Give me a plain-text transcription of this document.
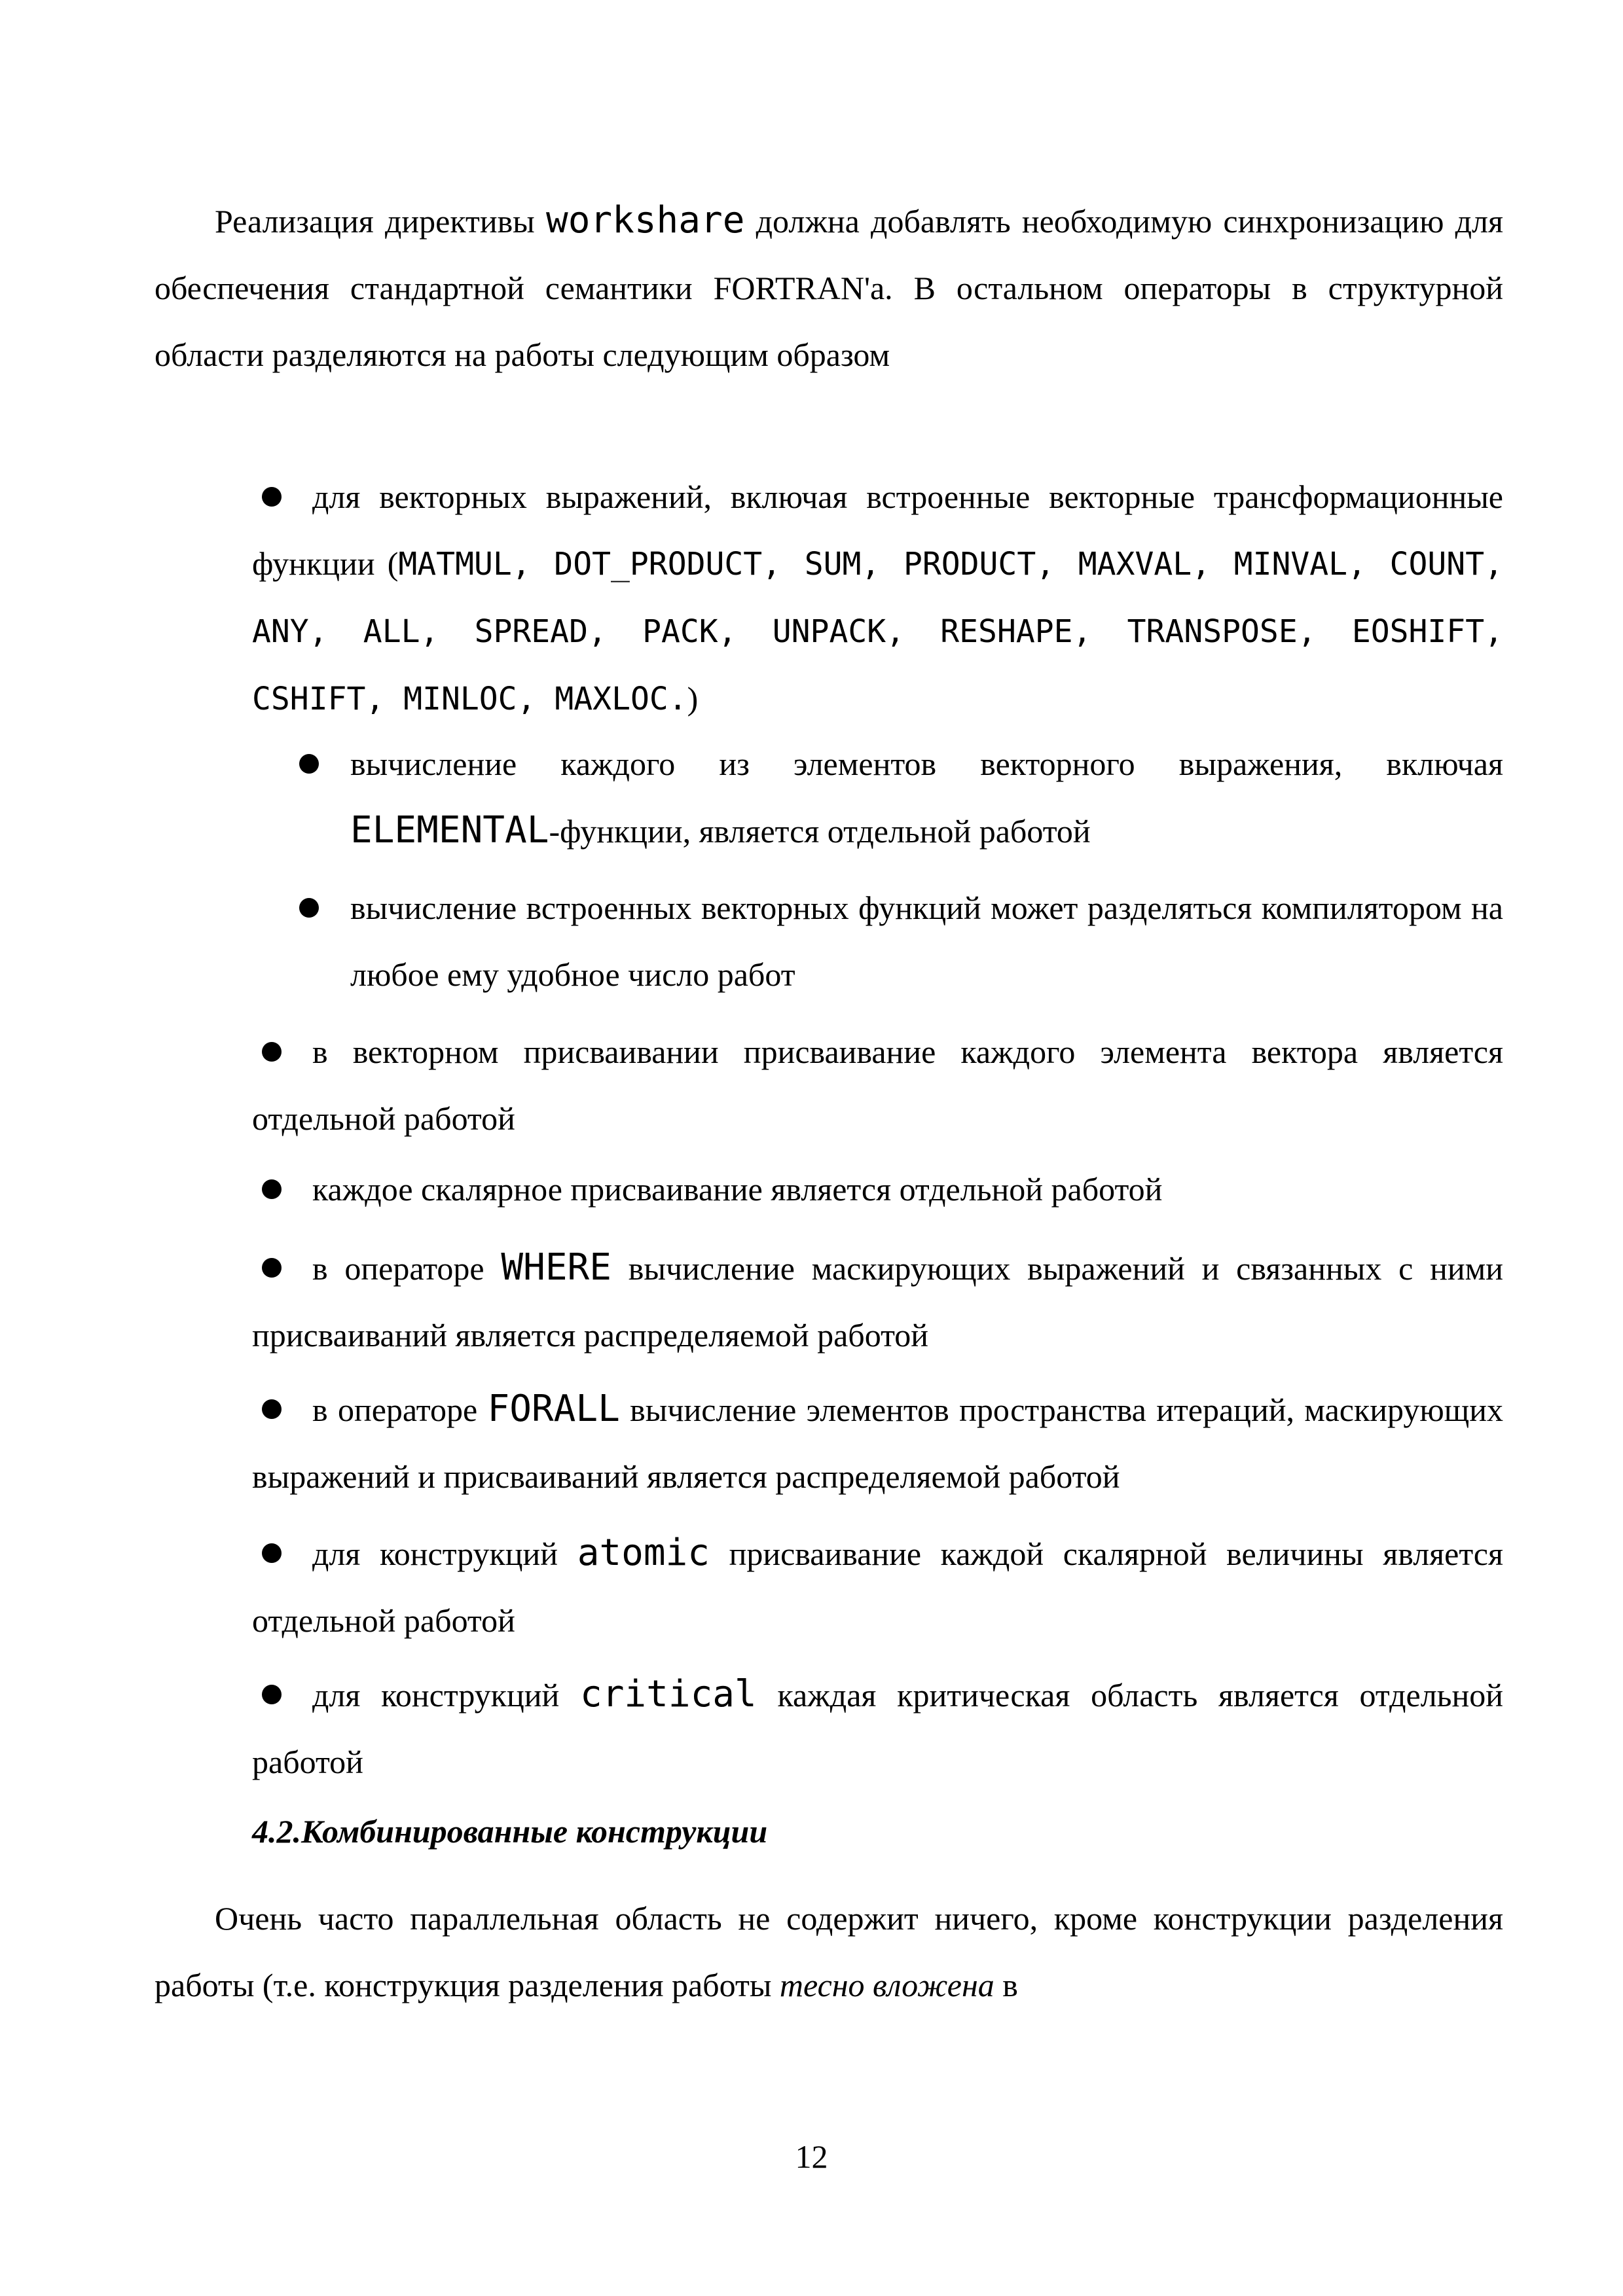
Реализация директивы workshare должна добавлять необходимую синхронизацию для обеспечения стандартной семантики FORTRAN'a. В остальном операторы в структурной области разделяются на работы следующим образом

для векторных выражений, включая встроенные векторные трансформационные функции (MATMUL, DOT_PRODUCT, SUM, PRODUCT, MAXVAL, MINVAL, COUNT, ANY, ALL, SPREAD, PACK, UNPACK, RESHAPE, TRANSPOSE, EOSHIFT, CSHIFT, MINLOC, MAXLOC.)

вычисление каждого из элементов векторного выражения, включая ELEMENTAL-функции, является отдельной работой

вычисление встроенных векторных функций может разделяться компилятором на любое ему удобное число работ

в векторном присваивании присваивание каждого элемента вектора является отдельной работой

каждое скалярное присваивание является отдельной работой

в операторе WHERE вычисление маскирующих выражений и связанных с ними присваиваний является распределяемой работой

в операторе FORALL вычисление элементов пространства итераций, маскирующих выражений и присваиваний является распределяемой работой

для конструкций atomic присваивание каждой скалярной величины является отдельной работой

для конструкций critical каждая критическая область является отдельной работой

4.2.Комбинированные конструкции

Очень часто параллельная область не содержит ничего, кроме конструкции разделения работы (т.е. конструкция разделения работы тесно вложена в

12
